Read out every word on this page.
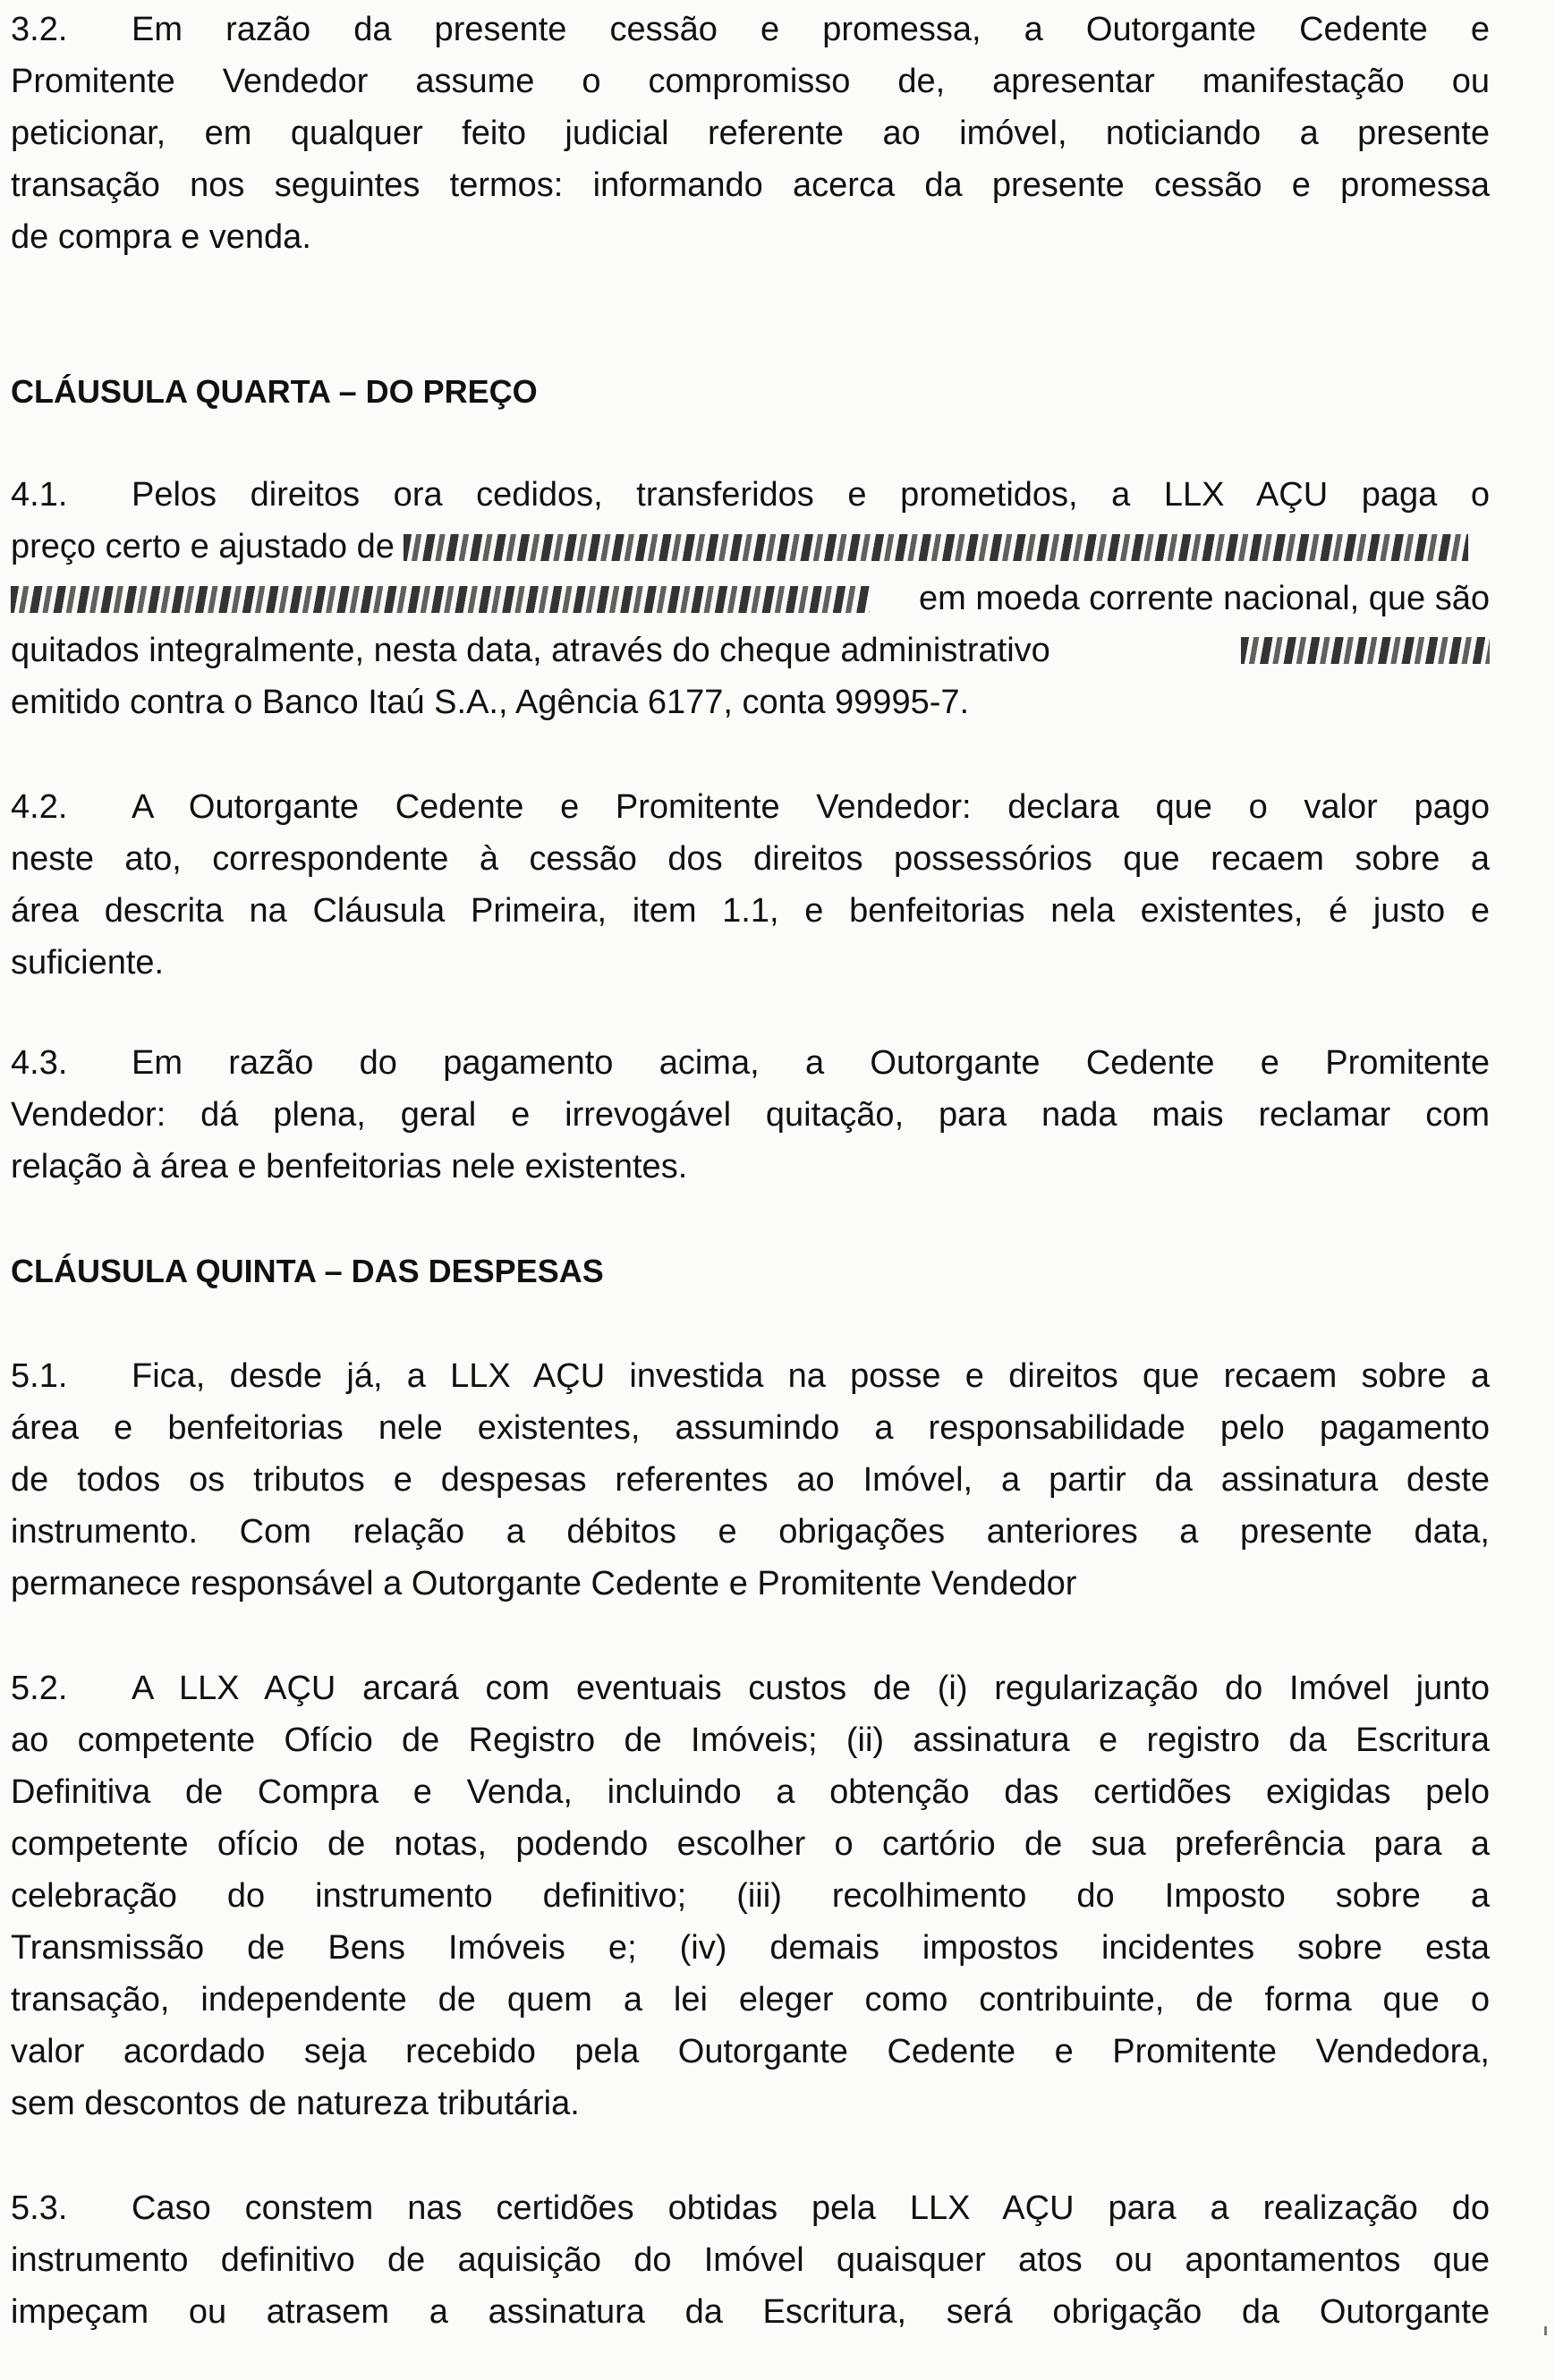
3.2. Em razão da presente cessão e promessa, a Outorgante Cedente e
Promitente Vendedor assume o compromisso de, apresentar manifestação ou
peticionar, em qualquer feito judicial referente ao imóvel, noticiando a presente
transação nos seguintes termos: informando acerca da presente cessão e promessa
de compra e venda.
CLÁUSULA QUARTA – DO PREÇO
4.1. Pelos direitos ora cedidos, transferidos e prometidos, a LLX AÇU paga o
preço certo e ajustado de
em moeda corrente nacional, que são
quitados integralmente, nesta data, através do cheque administrativo
emitido contra o Banco Itaú S.A., Agência 6177, conta 99995-7.
4.2. A Outorgante Cedente e Promitente Vendedor: declara que o valor pago
neste ato, correspondente à cessão dos direitos possessórios que recaem sobre a
área descrita na Cláusula Primeira, item 1.1, e benfeitorias nela existentes, é justo e
suficiente.
4.3. Em razão do pagamento acima, a Outorgante Cedente e Promitente
Vendedor: dá plena, geral e irrevogável quitação, para nada mais reclamar com
relação à área e benfeitorias nele existentes.
CLÁUSULA QUINTA – DAS DESPESAS
5.1. Fica, desde já, a LLX AÇU investida na posse e direitos que recaem sobre a
área e benfeitorias nele existentes, assumindo a responsabilidade pelo pagamento
de todos os tributos e despesas referentes ao Imóvel, a partir da assinatura deste
instrumento. Com relação a débitos e obrigações anteriores a presente data,
permanece responsável a Outorgante Cedente e Promitente Vendedor
5.2. A LLX AÇU arcará com eventuais custos de (i) regularização do Imóvel junto
ao competente Ofício de Registro de Imóveis; (ii) assinatura e registro da Escritura
Definitiva de Compra e Venda, incluindo a obtenção das certidões exigidas pelo
competente ofício de notas, podendo escolher o cartório de sua preferência para a
celebração do instrumento definitivo; (iii) recolhimento do Imposto sobre a
Transmissão de Bens Imóveis e; (iv) demais impostos incidentes sobre esta
transação, independente de quem a lei eleger como contribuinte, de forma que o
valor acordado seja recebido pela Outorgante Cedente e Promitente Vendedora,
sem descontos de natureza tributária.
5.3. Caso constem nas certidões obtidas pela LLX AÇU para a realização do
instrumento definitivo de aquisição do Imóvel quaisquer atos ou apontamentos que
impeçam ou atrasem a assinatura da Escritura, será obrigação da Outorgante
